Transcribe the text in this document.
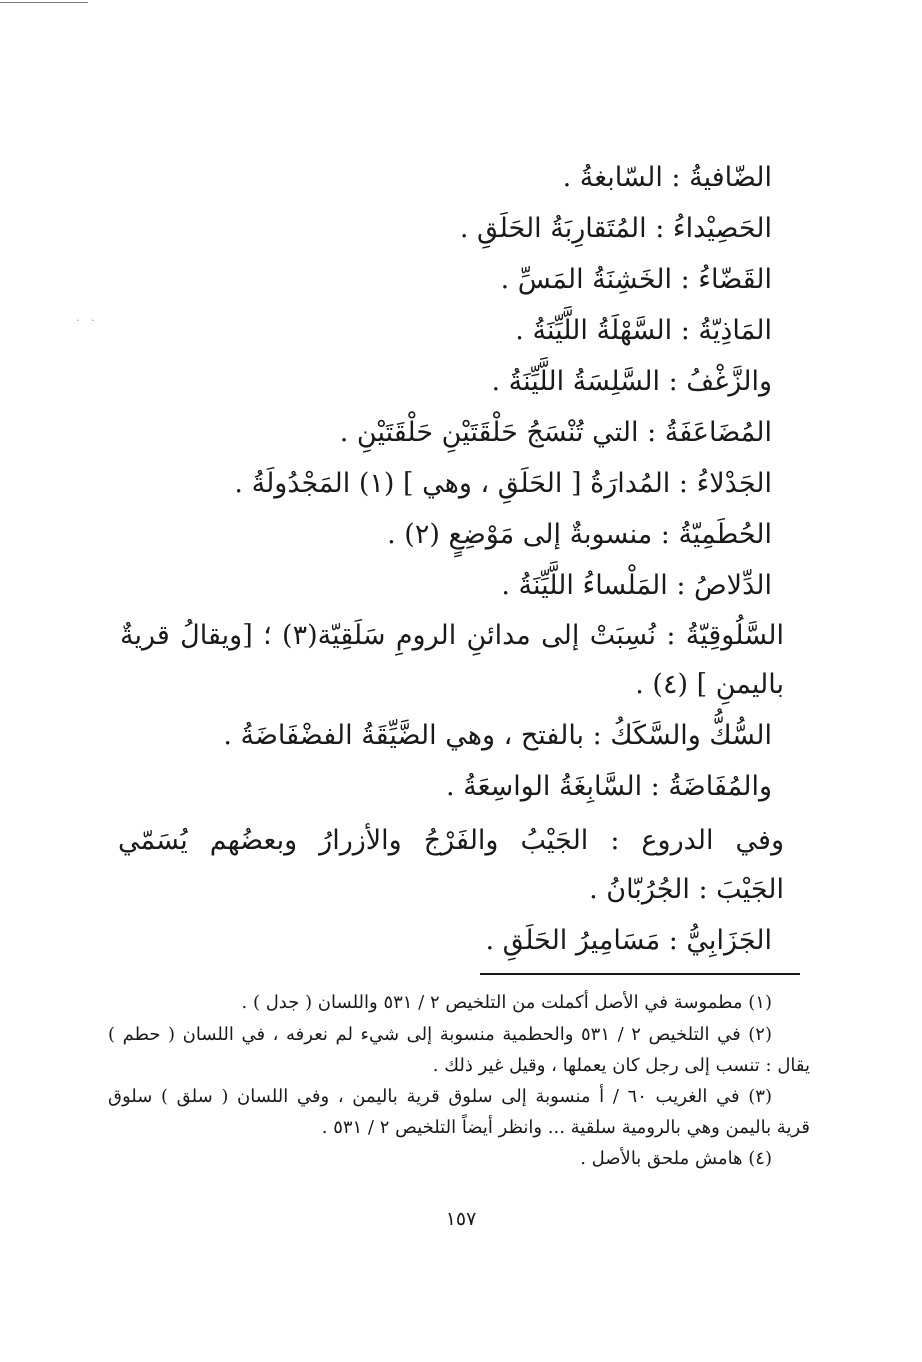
· ·
الضّافيةُ : السّابغةُ .
الحَصِيْداءُ : المُتَقارِبَةُ الحَلَقِ .
القَضّاءُ : الخَشِنَةُ المَسِّ .
المَاذِيّةُ : السَّهْلَةُ اللَّيِّنَةُ .
والزَّغْفُ : السَّلِسَةُ اللَّيِّنَةُ .
المُضَاعَفَةُ : التي تُنْسَجُ حَلْقَتَيْنِ حَلْقَتَيْنِ .
الجَدْلاءُ : المُدارَةُ [ الحَلَقِ ، وهي ] (١) المَجْدُولَةُ .
الحُطَمِيّةُ : منسوبةٌ إلى مَوْضِعٍ (٢) .
الدِّلاصُ : المَلْساءُ اللَّيِّنَةُ .
السَّلُوقِيّةُ : نُسِبَتْ إلى مدائنِ الرومِ سَلَقِيّة(٣) ؛ [ويقالُ قريةٌ
باليمنِ ] (٤) .
السُّكُّ والسَّكَكُ : بالفتح ، وهي الضَّيِّقَةُ الفضْفَاضَةُ .
والمُفَاضَةُ : السَّابِغَةُ الواسِعَةُ .
وفي الدروع : الجَيْبُ والفَرْجُ والأزرارُ وبعضُهم يُسَمّي
الجَيْبَ : الجُرُبّانُ .
الجَزَابِيُّ : مَسَامِيرُ الحَلَقِ .
(١) مطموسة في الأصل أكملت من التلخيص ٢ / ٥٣١ واللسان ( جدل ) .
(٢) في التلخيص ٢ / ٥٣١ والحطمية منسوبة إلى شيء لم نعرفه ، في اللسان ( حطم )
يقال : تنسب إلى رجل كان يعملها ، وقيل غير ذلك .
(٣) في الغريب ٦٠ / أ منسوبة إلى سلوق قرية باليمن ، وفي اللسان ( سلق ) سلوق
قرية باليمن وهي بالرومية سلقية ... وانظر أيضاً التلخيص ٢ / ٥٣١ .
(٤) هامش ملحق بالأصل .
١٥٧
